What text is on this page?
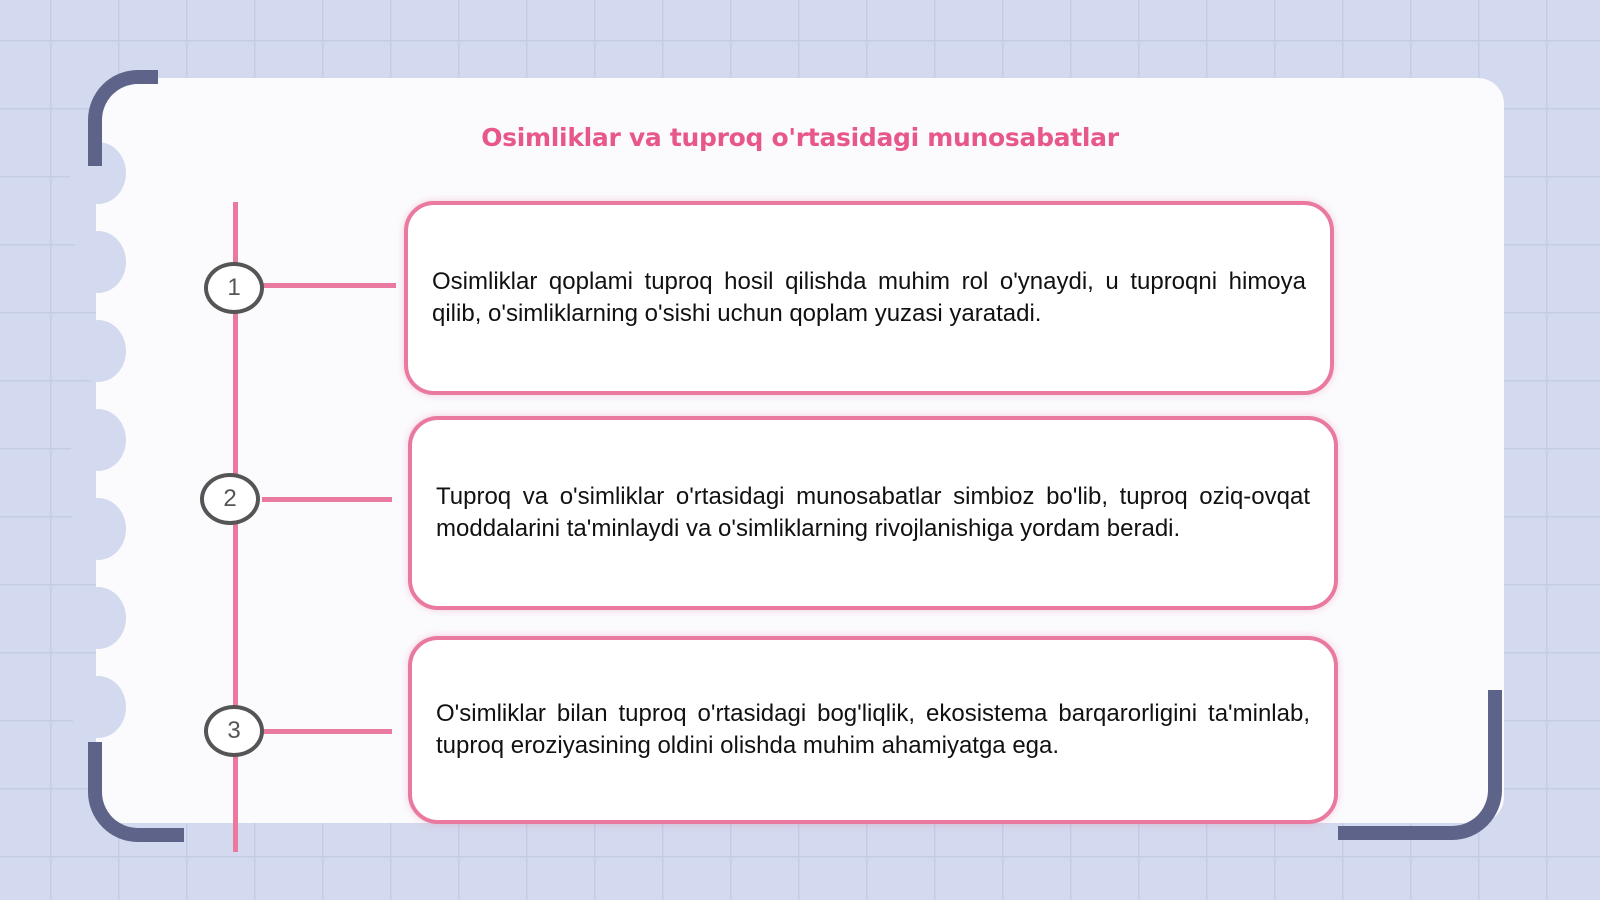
Osimliklar va tuproq o'rtasidagi munosabatlar
1
2
3

Osimliklar qoplami tuproq hosil qilishda muhim rol o'ynaydi, u tuproqni himoya qilib, o'simliklarning o'sishi uchun qoplam yuzasi yaratadi.

Tuproq va o'simliklar o'rtasidagi munosabatlar simbioz bo'lib, tuproq oziq-ovqat moddalarini ta'minlaydi va o'simliklarning rivojlanishiga yordam beradi.

O'simliklar bilan tuproq o'rtasidagi bog'liqlik, ekosistema barqarorligini ta'minlab, tuproq eroziyasining oldini olishda muhim ahamiyatga ega.
